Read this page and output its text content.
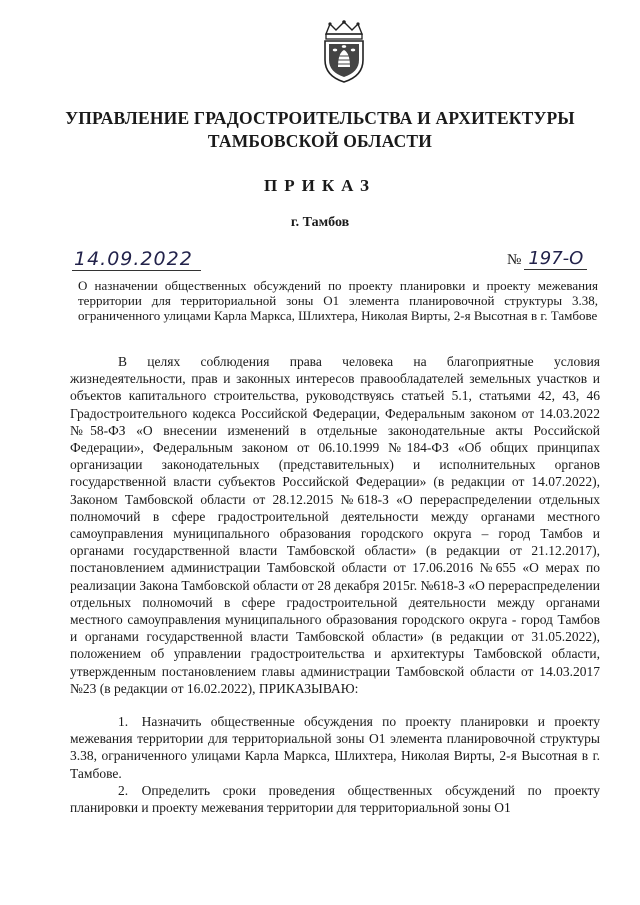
УПРАВЛЕНИЕ ГРАДОСТРОИТЕЛЬСТВА И АРХИТЕКТУРЫ
ТАМБОВСКОЙ ОБЛАСТИ
ПРИКАЗ
г. Тамбов
14.09.2022	№ 197-О
О назначении общественных обсуждений по проекту планировки и проекту межевания территории для территориальной зоны О1 элемента планировочной структуры 3.38, ограниченного улицами Карла Маркса, Шлихтера, Николая Вирты, 2-я Высотная в г. Тамбове

В целях соблюдения права человека на благоприятные условия жизнедеятельности, прав и законных интересов правообладателей земельных участков и объектов капитального строительства, руководствуясь статьей 5.1, статьями 42, 43, 46 Градостроительного кодекса Российской Федерации, Федеральным законом от 14.03.2022 №58-ФЗ «О внесении изменений в отдельные законодательные акты Российской Федерации», Федеральным законом от 06.10.1999 №184-ФЗ «Об общих принципах организации законодательных (представительных) и исполнительных органов государственной власти субъектов Российской Федерации» (в редакции от 14.07.2022), Законом Тамбовской области от 28.12.2015 №618-З «О перераспределении отдельных полномочий в сфере градостроительной деятельности между органами местного самоуправления муниципального образования городского округа – город Тамбов и органами государственной власти Тамбовской области» (в редакции от 21.12.2017), постановлением администрации Тамбовской области от 17.06.2016 №655 «О мерах по реализации Закона Тамбовской области от 28 декабря 2015г. №618-З «О перераспределении отдельных полномочий в сфере градостроительной деятельности между органами местного самоуправления муниципального образования городского округа - город Тамбов и органами государственной власти Тамбовской области» (в редакции от 31.05.2022), положением об управлении градостроительства и архитектуры Тамбовской области, утвержденным постановлением главы администрации Тамбовской области от 14.03.2017 №23 (в редакции от 16.02.2022), ПРИКАЗЫВАЮ:

1. Назначить общественные обсуждения по проекту планировки и проекту межевания территории для территориальной зоны О1 элемента планировочной структуры 3.38, ограниченного улицами Карла Маркса, Шлихтера, Николая Вирты, 2-я Высотная в г. Тамбове.

2. Определить сроки проведения общественных обсуждений по проекту планировки и проекту межевания территории для территориальной зоны О1
